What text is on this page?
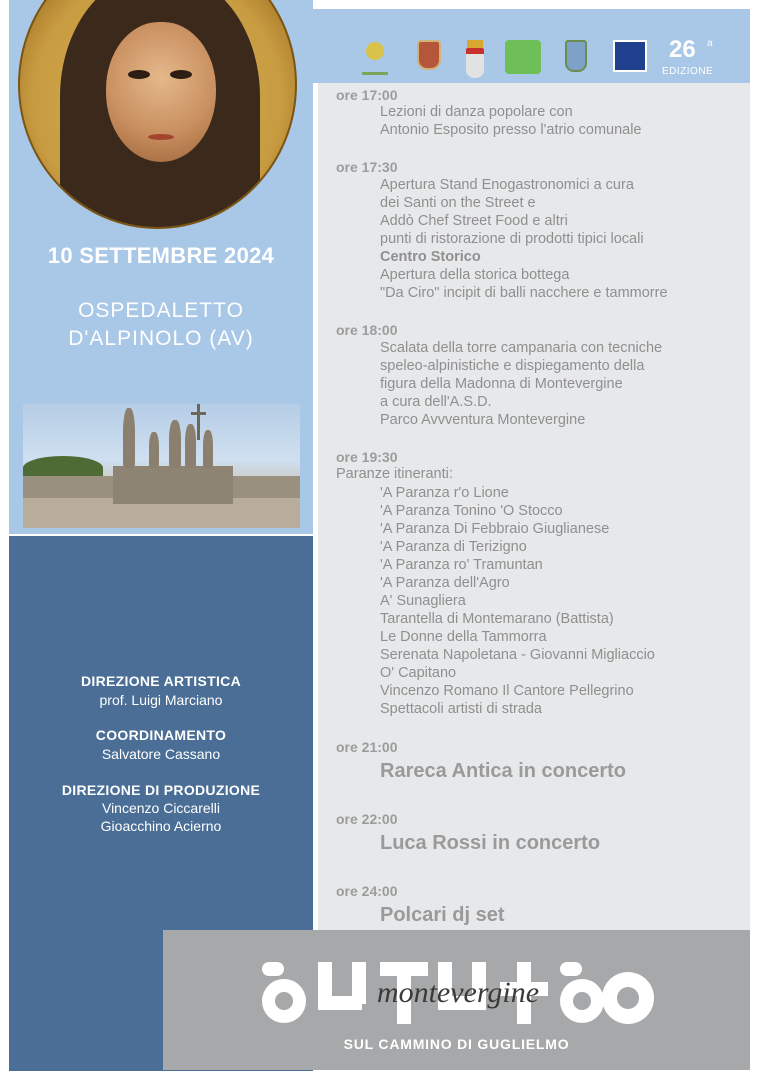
10 SETTEMBRE 2024
OSPEDALETTO
D'ALPINOLO (AV)
26 a
EDIZIONE
DIREZIONE ARTISTICA
prof. Luigi Marciano
COORDINAMENTO
Salvatore Cassano
DIREZIONE DI PRODUZIONE
Vincenzo Ciccarelli
Gioacchino Acierno
ore 17:00
Lezioni di danza popolare con
Antonio Esposito presso l'atrio comunale
ore 17:30
Apertura Stand Enogastronomici a cura
dei Santi on the Street e
Addò Chef Street Food e altri
punti di ristorazione di prodotti tipici locali
Centro Storico
Apertura della storica bottega
"Da Ciro" incipit di balli nacchere e tammorre
ore 18:00
Scalata della torre campanaria con tecniche
speleo-alpinistiche e dispiegamento della
figura della Madonna di Montevergine
a cura dell'A.S.D.
Parco Avvventura Montevergine
ore 19:30
Paranze itineranti:
'A Paranza r'o Lione
'A Paranza Tonino 'O Stocco
'A Paranza Di Febbraio Giuglianese
'A Paranza di Terizigno
'A Paranza ro' Tramuntan
'A Paranza dell'Agro
A' Sunagliera
Tarantella di Montemarano (Battista)
Le Donne della Tammorra
Serenata Napoletana - Giovanni Migliaccio
O' Capitano
Vincenzo Romano Il Cantore Pellegrino
Spettacoli artisti di strada
ore 21:00
Rareca Antica in concerto
ore 22:00
Luca Rossi in concerto
ore 24:00
Polcari dj set
montevergine
SUL CAMMINO DI GUGLIELMO
